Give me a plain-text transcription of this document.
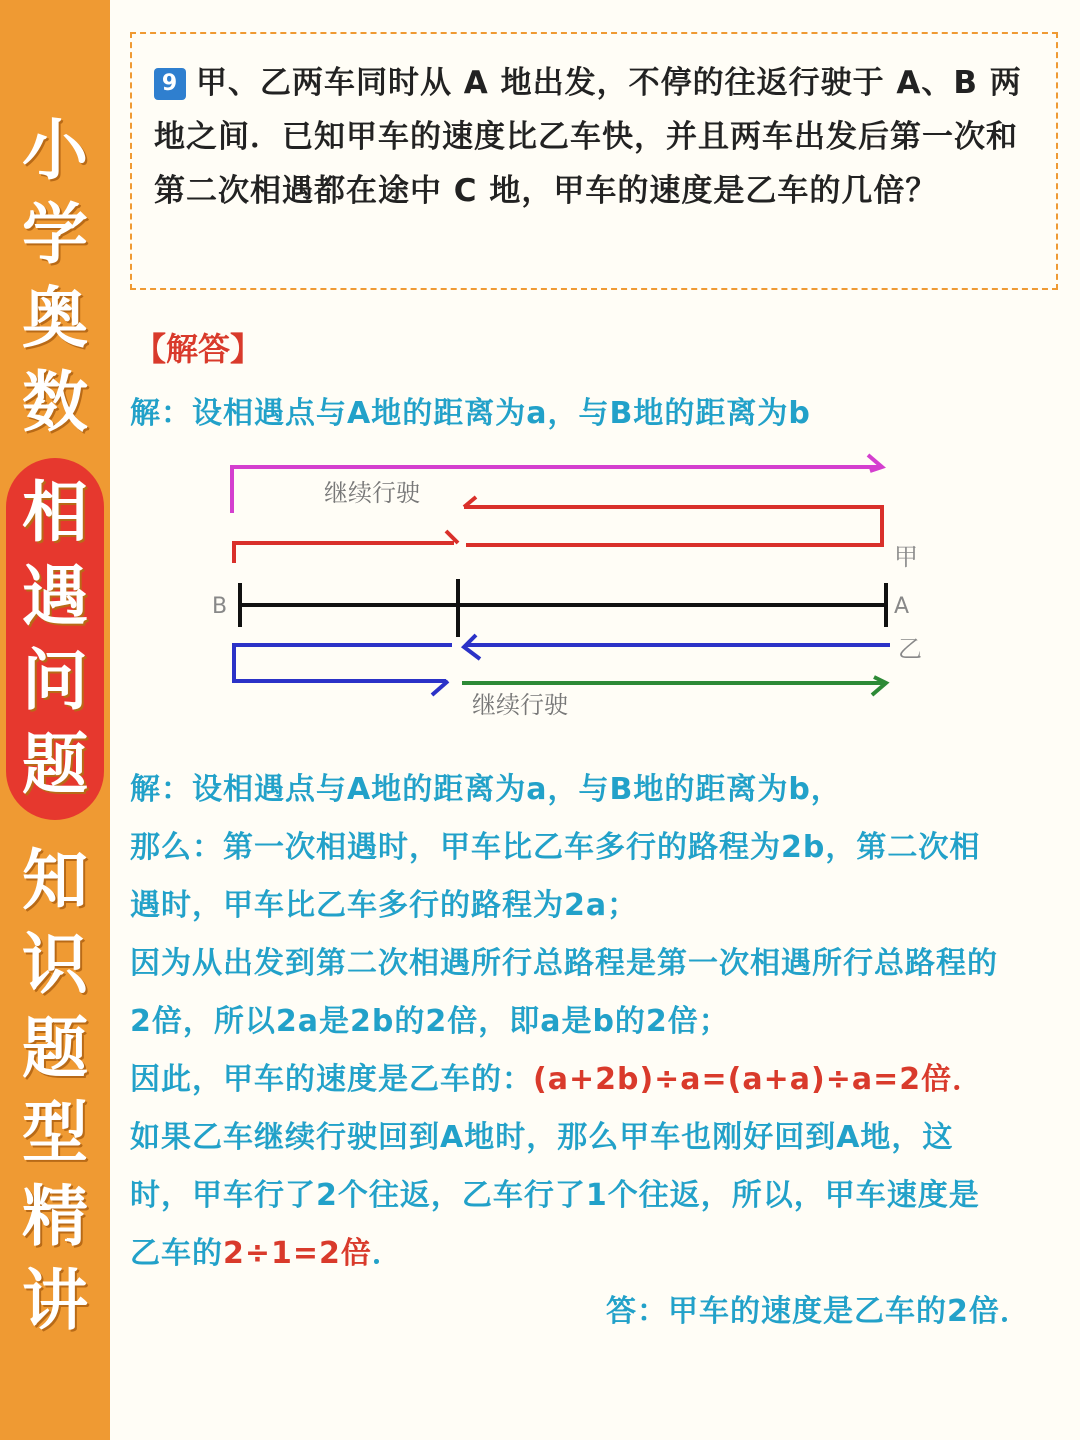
小
学
奥
数
相
遇
问
题
知
识
题
型
精
讲
9 甲、乙两车同时从 A 地出发，不停的往返行驶于 A、B 两地之间．已知甲车的速度比乙车快，并且两车出发后第一次和第二次相遇都在途中 C 地，甲车的速度是乙车的几倍？
【解答】
解：设相遇点与A地的距离为a，与B地的距离为b
继续行驶
继续行驶
B	A
甲
乙
解：设相遇点与A地的距离为a，与B地的距离为b，
那么：第一次相遇时，甲车比乙车多行的路程为2b，第二次相
遇时，甲车比乙车多行的路程为2a；
因为从出发到第二次相遇所行总路程是第一次相遇所行总路程的
2倍，所以2a是2b的2倍，即a是b的2倍；
因此，甲车的速度是乙车的：(a+2b)÷a=(a+a)÷a=2倍．
如果乙车继续行驶回到A地时，那么甲车也刚好回到A地，这
时，甲车行了2个往返，乙车行了1个往返，所以，甲车速度是
乙车的2÷1=2倍．
答：甲车的速度是乙车的2倍．
